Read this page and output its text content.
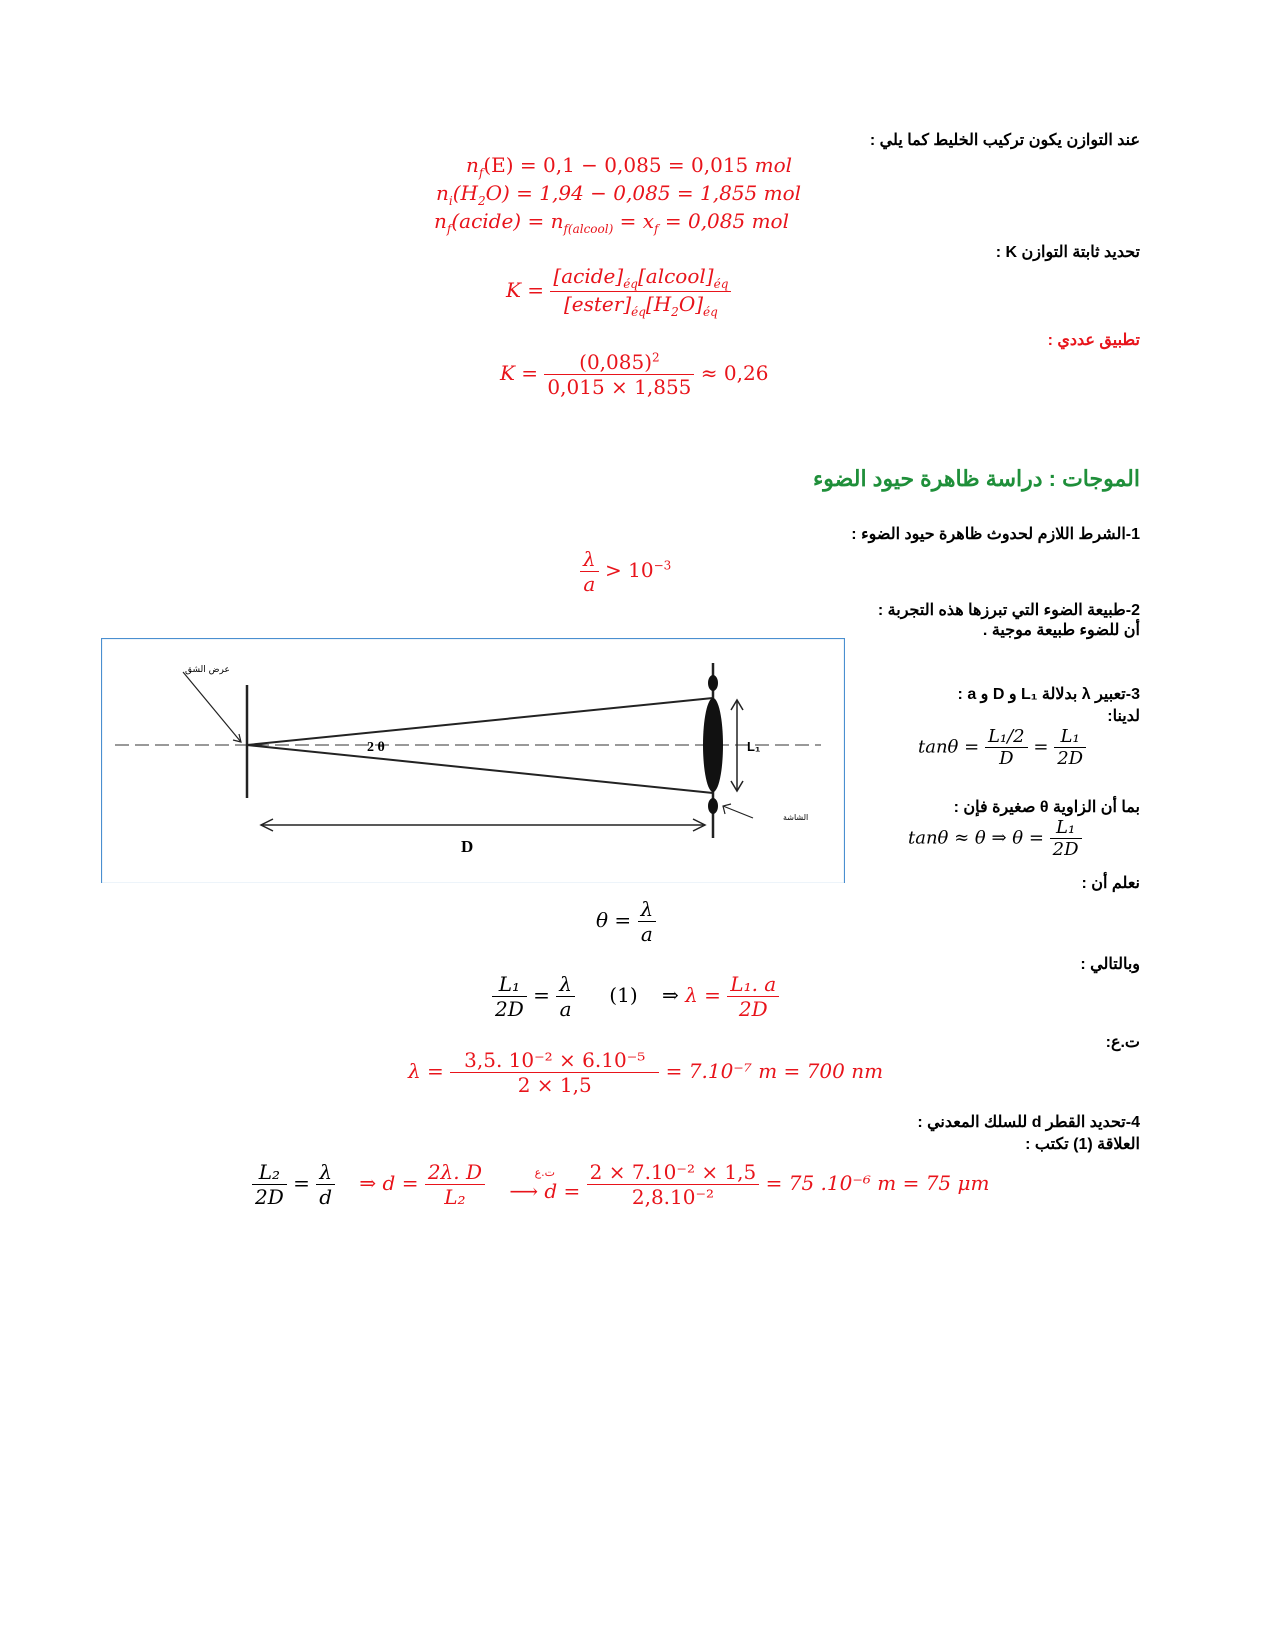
عند التوازن يكون تركيب الخليط كما يلي :
$n_f(E) = 0,1 - 0,085 = 0,015$ mol
$n_i(H_2O) = 1,94 - 0,085 = 1,855$ mol
$n_f(acide) = n_{f(alcool)} = x_f = 0,085$ mol
تحديد ثابتة التوازن K :
$K = \frac{[acide]_{éq}[alcool]_{éq}}{[ester]_{éq}[H_2O]_{éq}}$
تطبيق عددي :
$K = \frac{(0,085)^2}{0,015 \times 1,855} \approx 0,26$
الموجات : دراسة ظاهرة حيود الضوء
1-الشرط اللازم لحدوث ظاهرة حيود الضوء :
$\frac{\lambda}{a} > 10^{-3}$
2-طبيعة الضوء التي تبرزها هذه التجربة :
أن للضوء طبيعة موجية .
L₁
D
2 θ
عرض الشق
الشاشة
3-تعبير λ بدلالة L₁ و D و a :
لدينا:
$\tan\theta = \frac{\text{L₁/2}}{D} = \frac{\text{L₁}}{2D}$
بما أن الزاوية θ صغيرة فإن :
tanθ ≈ θ ⇒ $\theta = \frac{\text{L₁}}{2D}$
نعلم أن :
$\theta = \frac{\lambda}{a}$
وبالتالي :
$\frac{\text{L₁}}{2D} = \frac{\lambda}{a} (1)$ ⇒ $\lambda = \frac{\text{L₁. a}}{2D}$
ت.ع:
$\lambda = \frac{\text{3,5. 10⁻² × 6.10⁻⁵}}{2 \times 1,5} = 7.10^{-7}$ m = 700 nm
4-تحديد القطر d للسلك المعدني :
العلاقة (1) تكتب :
$\frac{\text{L₂}}{2D} = \frac{\lambda}{d}$ ⇒ $d = \frac{2\lambda. D}{\text{L₂}}$
	ت.ع
⟶ d =
$\frac{\text{2 × 7.10⁻² × 1,5}}{\text{2,8.10⁻²}} = 75$ .10⁻⁶ m = 75 μm
